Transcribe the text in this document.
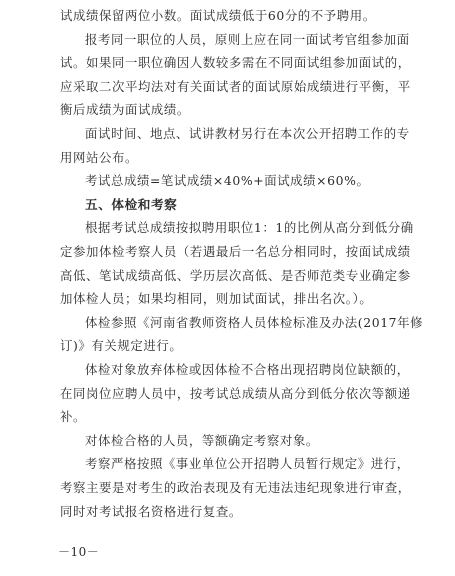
试成绩保留两位小数。面试成绩低于60分的不予聘用。
报考同一职位的人员，原则上应在同一面试考官组参加面
试。如果同一职位确因人数较多需在不同面试组参加面试的，
应采取二次平均法对有关面试者的面试原始成绩进行平衡，平
衡后成绩为面试成绩。
面试时间、地点、试讲教材另行在本次公开招聘工作的专
用网站公布。
考试总成绩=笔试成绩×40%+面试成绩×60%。
五、体检和考察
根据考试总成绩按拟聘用职位1：1的比例从高分到低分确
定参加体检考察人员（若遇最后一名总分相同时，按面试成绩
高低、笔试成绩高低、学历层次高低、是否师范类专业确定参
加体检人员；如果均相同，则加试面试，排出名次。）。
体检参照《河南省教师资格人员体检标准及办法(2017年修
订)》有关规定进行。
体检对象放弃体检或因体检不合格出现招聘岗位缺额的，
在同岗位应聘人员中，按考试总成绩从高分到低分依次等额递
补。
对体检合格的人员，等额确定考察对象。
考察严格按照《事业单位公开招聘人员暂行规定》进行，
考察主要是对考生的政治表现及有无违法违纪现象进行审查，
同时对考试报名资格进行复查。
－10－
